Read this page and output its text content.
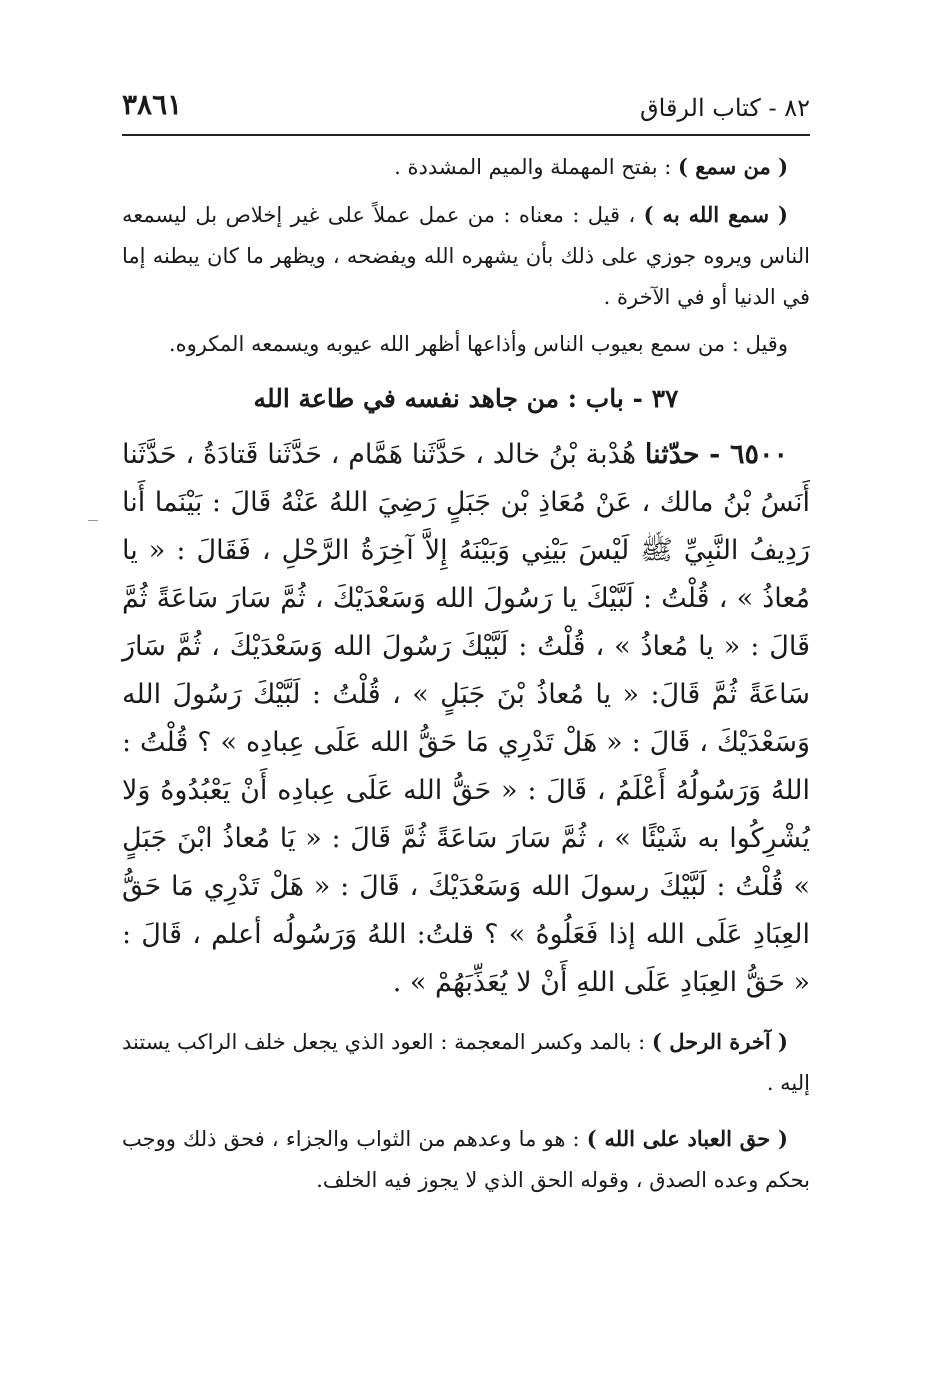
٨٢ - كتاب الرقاق
٣٨٦١

( من سمع ) : بفتح المهملة والميم المشددة .

( سمع الله به ) ، قيل : معناه : من عمل عملاً على غير إخلاص بل ليسمعه الناس ويروه جوزي على ذلك بأن يشهره الله ويفضحه ، ويظهر ما كان يبطنه إما في الدنيا أو في الآخرة .

وقيل : من سمع بعيوب الناس وأذاعها أظهر الله عيوبه ويسمعه المكروه.

٣٧ - باب : من جاهد نفسه في طاعة الله

٦٥٠٠ - حدّثنا هُدْبة بْنُ خالد ، حَدَّثَنا هَمَّام ، حَدَّثَنا قَتادَةُ ، حَدَّثَنا أَنَسُ بْنُ مالك ، عَنْ مُعَاذِ بْن جَبَلٍ رَضِيَ اللهُ عَنْهُ قَالَ : بَيْنَما أَنا رَدِيفُ النَّبِيِّ ﷺ لَيْسَ بَيْنِي وَبَيْنَهُ إِلاَّ آخِرَةُ الرَّحْلِ ، فَقَالَ : « يا مُعاذُ » ، قُلْتُ : لَبَّيْكَ يا رَسُولَ الله وَسَعْدَيْكَ ، ثُمَّ سَارَ سَاعَةً ثُمَّ قَالَ : « يا مُعاذُ » ، قُلْتُ : لَبَّيْكَ رَسُولَ الله وَسَعْدَيْكَ ، ثُمَّ سَارَ سَاعَةً ثُمَّ قَالَ: « يا مُعاذُ بْنَ جَبَلٍ » ، قُلْتُ : لَبَّيْكَ رَسُولَ الله وَسَعْدَيْكَ ، قَالَ : « هَلْ تَدْرِي مَا حَقُّ الله عَلَى عِبادِه » ؟ قُلْتُ : اللهُ وَرَسُولُهُ أَعْلَمُ ، قَالَ : « حَقُّ الله عَلَى عِبادِه أَنْ يَعْبُدُوهُ وَلا يُشْرِكُوا به شَيْئًا » ، ثُمَّ سَارَ سَاعَةً ثُمَّ قَالَ : « يَا مُعاذُ ابْنَ جَبَلٍ » قُلْتُ : لَبَّيْكَ رسولَ الله وَسَعْدَيْكَ ، قَالَ : « هَلْ تَدْرِي مَا حَقُّ العِبَادِ عَلَى الله إذا فَعَلُوهُ » ؟ قلتُ: اللهُ وَرَسُولُه أعلم ، قَالَ : « حَقُّ العِبَادِ عَلَى اللهِ أَنْ لا يُعَذِّبَهُمْ » .

( آخرة الرحل ) : بالمد وكسر المعجمة : العود الذي يجعل خلف الراكب يستند إليه .

( حق العباد على الله ) : هو ما وعدهم من الثواب والجزاء ، فحق ذلك ووجب بحكم وعده الصدق ، وقوله الحق الذي لا يجوز فيه الخلف.
